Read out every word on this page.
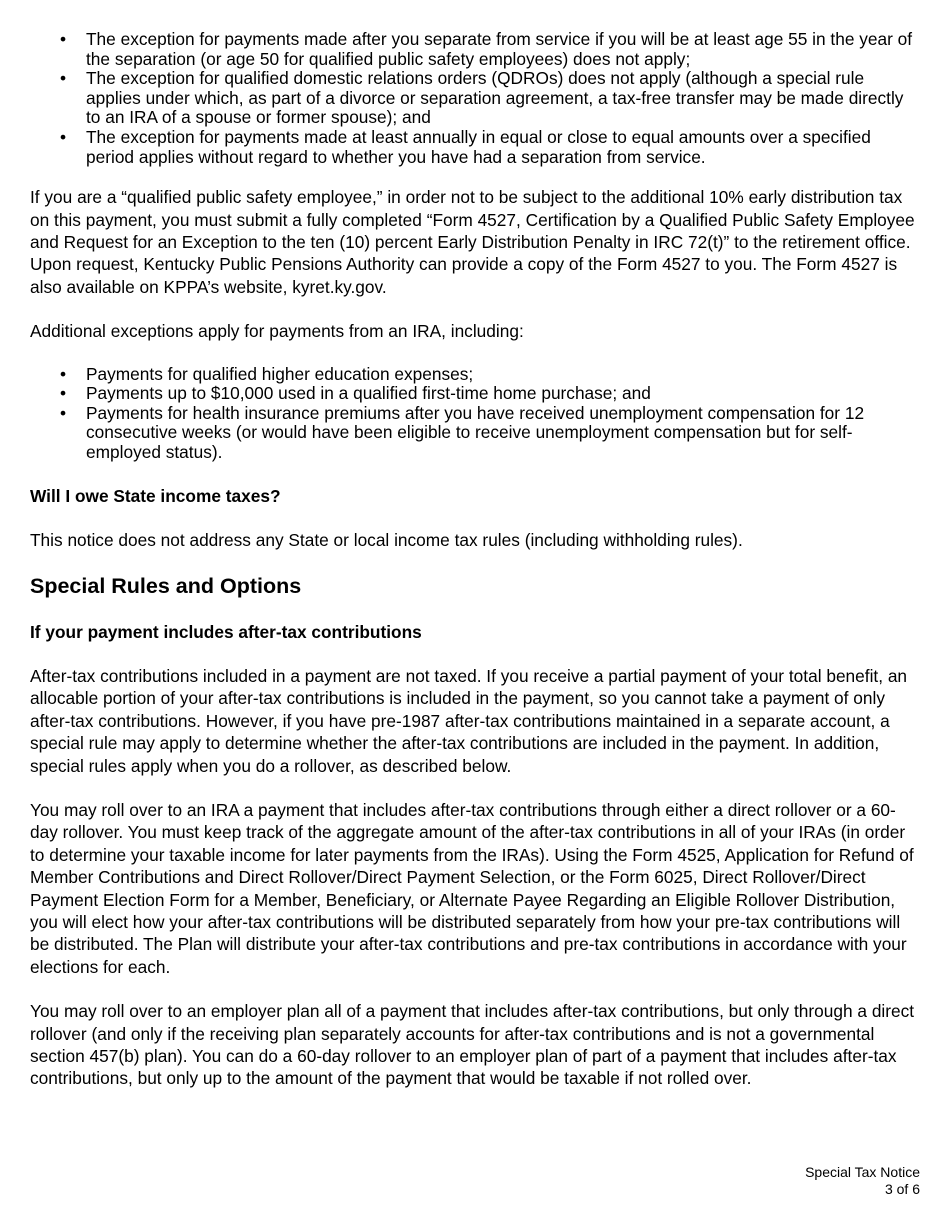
• The exception for payments made after you separate from service if you will be at least age 55 in the year of the separation (or age 50 for qualified public safety employees) does not apply;
• The exception for qualified domestic relations orders (QDROs) does not apply (although a special rule applies under which, as part of a divorce or separation agreement, a tax-free transfer may be made directly to an IRA of a spouse or former spouse); and
• The exception for payments made at least annually in equal or close to equal amounts over a specified period applies without regard to whether you have had a separation from service.

If you are a “qualified public safety employee,” in order not to be subject to the additional 10% early distribution tax on this payment, you must submit a fully completed “Form 4527, Certification by a Qualified Public Safety Employee and Request for an Exception to the ten (10) percent Early Distribution Penalty in IRC 72(t)” to the retirement office. Upon request, Kentucky Public Pensions Authority can provide a copy of the Form 4527 to you. The Form 4527 is also available on KPPA’s website, kyret.ky.gov.

Additional exceptions apply for payments from an IRA, including:

• Payments for qualified higher education expenses;
• Payments up to $10,000 used in a qualified first-time home purchase; and
• Payments for health insurance premiums after you have received unemployment compensation for 12 consecutive weeks (or would have been eligible to receive unemployment compensation but for self-employed status).
Will I owe State income taxes?

This notice does not address any State or local income tax rules (including withholding rules).

Special Rules and Options
If your payment includes after-tax contributions

After-tax contributions included in a payment are not taxed. If you receive a partial payment of your total benefit, an allocable portion of your after-tax contributions is included in the payment, so you cannot take a payment of only after-tax contributions. However, if you have pre-1987 after-tax contributions maintained in a separate account, a special rule may apply to determine whether the after-tax contributions are included in the payment. In addition, special rules apply when you do a rollover, as described below.

You may roll over to an IRA a payment that includes after-tax contributions through either a direct rollover or a 60-day rollover. You must keep track of the aggregate amount of the after-tax contributions in all of your IRAs (in order to determine your taxable income for later payments from the IRAs). Using the Form 4525, Application for Refund of Member Contributions and Direct Rollover/Direct Payment Selection, or the Form 6025, Direct Rollover/Direct Payment Election Form for a Member, Beneficiary, or Alternate Payee Regarding an Eligible Rollover Distribution, you will elect how your after-tax contributions will be distributed separately from how your pre-tax contributions will be distributed. The Plan will distribute your after-tax contributions and pre-tax contributions in accordance with your elections for each.

You may roll over to an employer plan all of a payment that includes after-tax contributions, but only through a direct rollover (and only if the receiving plan separately accounts for after-tax contributions and is not a governmental section 457(b) plan). You can do a 60-day rollover to an employer plan of part of a payment that includes after-tax contributions, but only up to the amount of the payment that would be taxable if not rolled over.

Special Tax Notice
3 of 6
